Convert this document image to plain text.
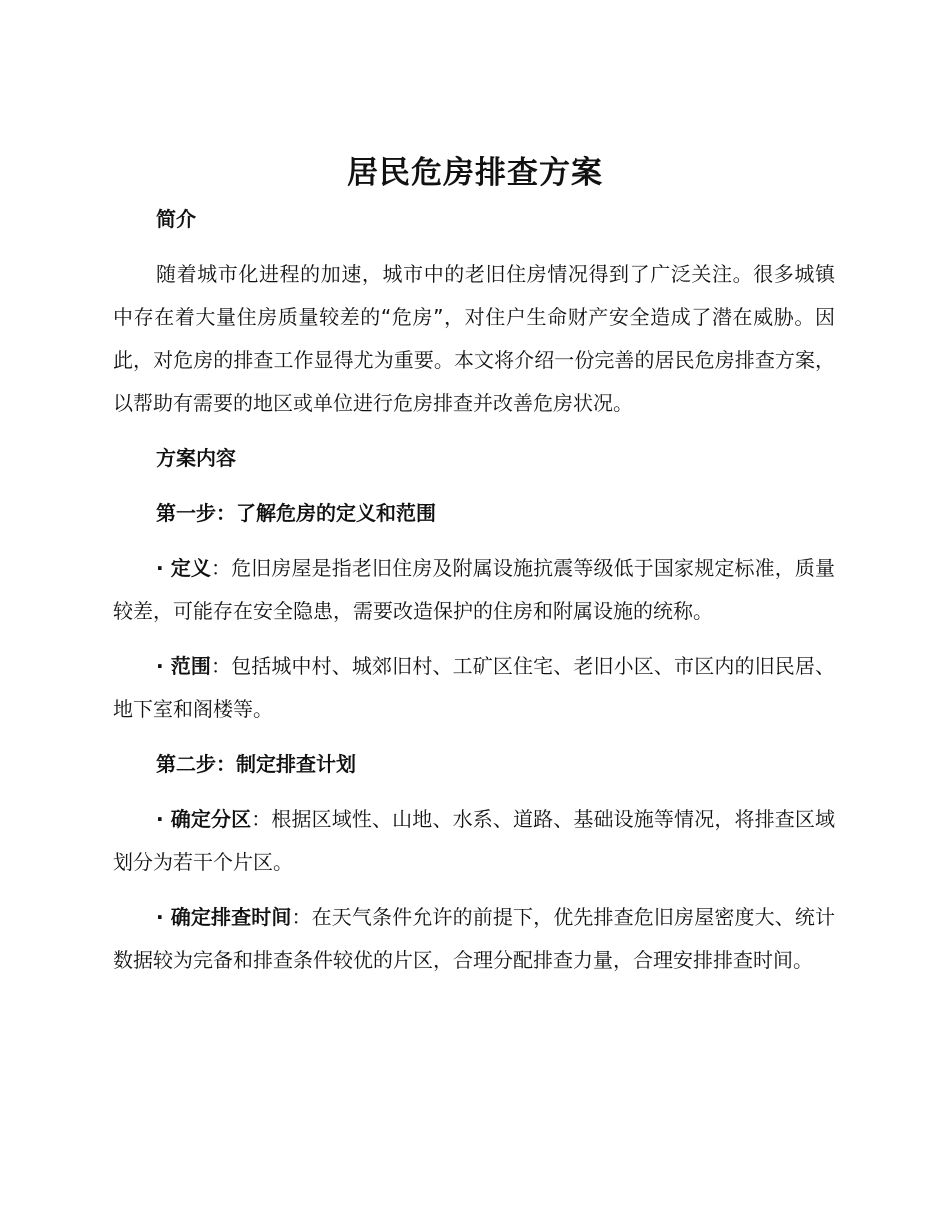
居民危房排查方案
简介

随着城市化进程的加速，城市中的老旧住房情况得到了广泛关注。很多城镇中存在着大量住房质量较差的“危房”，对住户生命财产安全造成了潜在威胁。因此，对危房的排查工作显得尤为重要。本文将介绍一份完善的居民危房排查方案，以帮助有需要的地区或单位进行危房排查并改善危房状况。

方案内容
第一步：了解危房的定义和范围

· 定义：危旧房屋是指老旧住房及附属设施抗震等级低于国家规定标准，质量较差，可能存在安全隐患，需要改造保护的住房和附属设施的统称。

· 范围：包括城中村、城郊旧村、工矿区住宅、老旧小区、市区内的旧民居、地下室和阁楼等。

第二步：制定排查计划

· 确定分区：根据区域性、山地、水系、道路、基础设施等情况，将排查区域划分为若干个片区。

· 确定排查时间：在天气条件允许的前提下，优先排查危旧房屋密度大、统计数据较为完备和排查条件较优的片区，合理分配排查力量，合理安排排查时间。
